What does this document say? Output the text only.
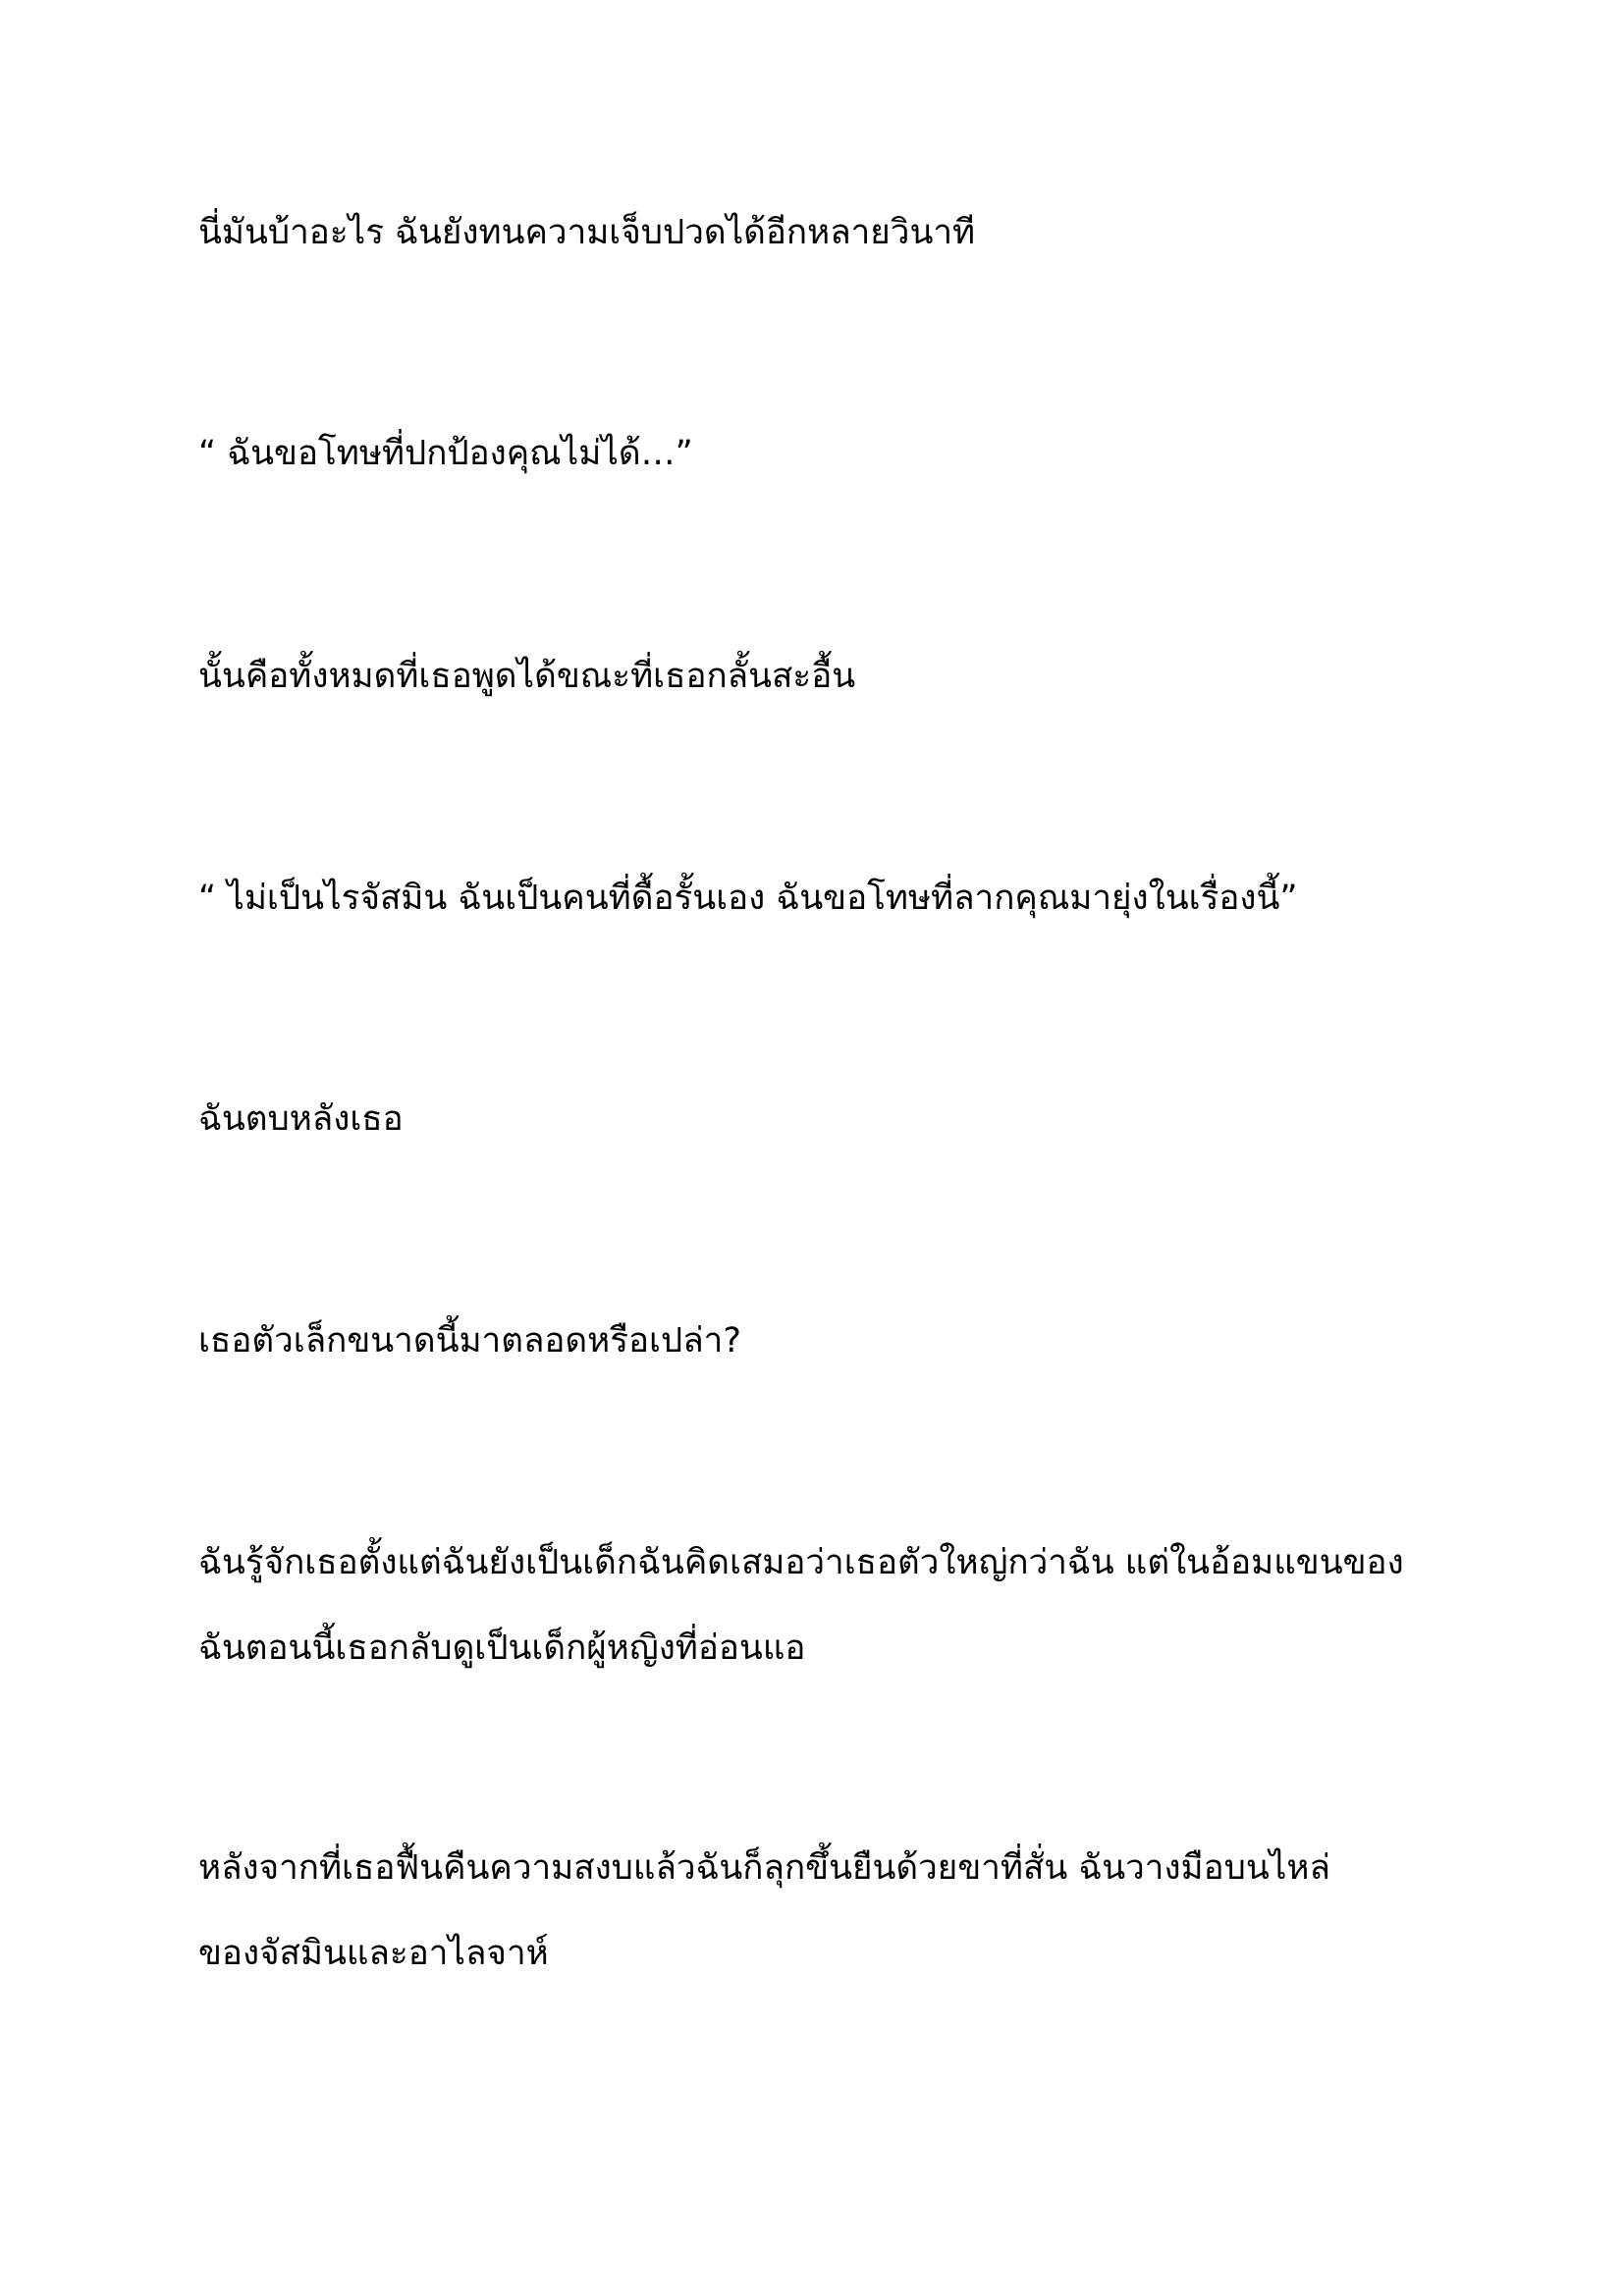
นี่มันบ้าอะไร ฉันยังทนความเจ็บปวดได้อีกหลายวินาที

“ ฉันขอโทษที่ปกป้องคุณไม่ได้…”

นั้นคือทั้งหมดที่เธอพูดได้ขณะที่เธอกลั้นสะอื้น

“ ไม่เป็นไรจัสมิน ฉันเป็นคนที่ดื้อรั้นเอง ฉันขอโทษที่ลากคุณมายุ่งในเรื่องนี้”

ฉันตบหลังเธอ

เธอตัวเล็กขนาดนี้มาตลอดหรือเปล่า?

ฉันรู้จักเธอตั้งแต่ฉันยังเป็นเด็กฉันคิดเสมอว่าเธอตัวใหญ่กว่าฉัน แต่ในอ้อมแขนของ

ฉันตอนนี้เธอกลับดูเป็นเด็กผู้หญิงที่อ่อนแอ

หลังจากที่เธอฟื้นคืนความสงบแล้วฉันก็ลุกขึ้นยืนด้วยขาที่สั่น ฉันวางมือบนไหล่

ของจัสมินและอาไลจาห์
